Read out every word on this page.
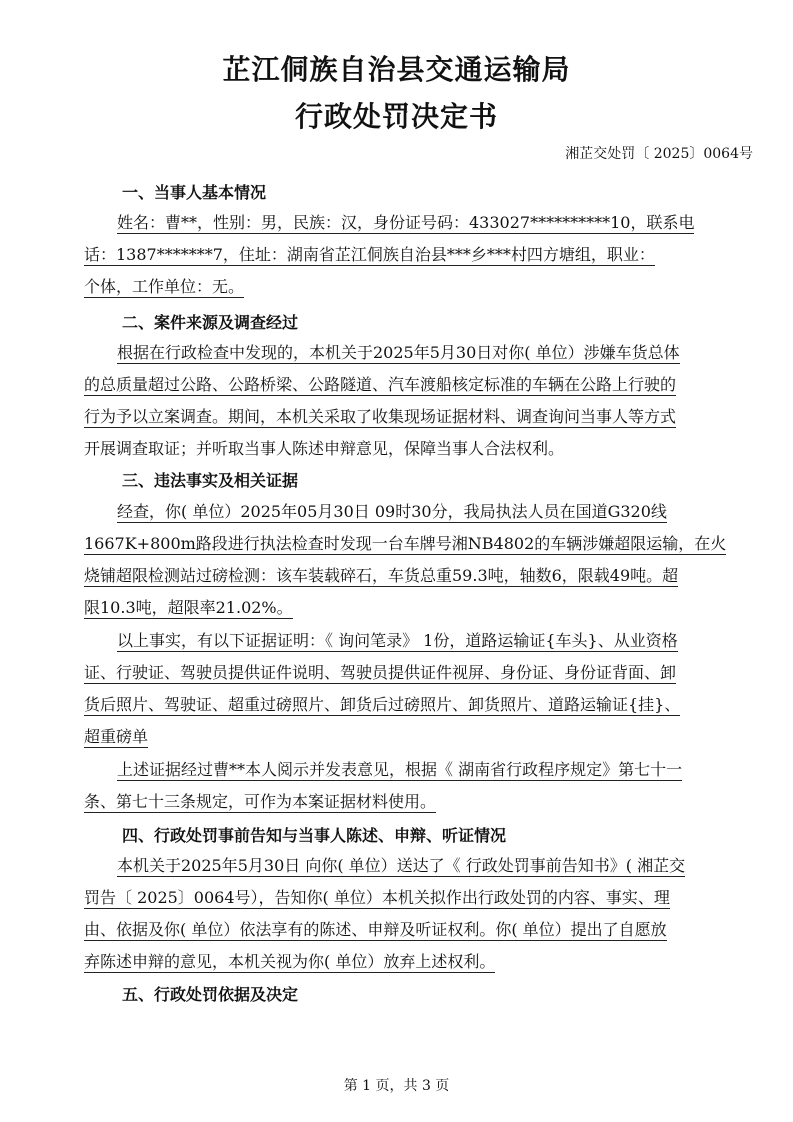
芷江侗族自治县交通运输局
行政处罚决定书
湘芷交处罚〔 2025〕0064号
一、当事人基本情况
姓名：曹**，性别：男，民族：汉，身份证号码：433027**********10，联系电
话：1387*******7，住址：湖南省芷江侗族自治县***乡***村四方塘组，职业：
个体，工作单位：无。
二、案件来源及调查经过
根据在行政检查中发现的，本机关于2025年5月30日对你( 单位）涉嫌车货总体
的总质量超过公路、公路桥梁、公路隧道、汽车渡船核定标准的车辆在公路上行驶的
行为予以立案调查。期间，本机关采取了收集现场证据材料、调查询问当事人等方式
开展调查取证；并听取当事人陈述申辩意见，保障当事人合法权利。
三、违法事实及相关证据
经查，你( 单位）2025年05月30日 09时30分，我局执法人员在国道G320线
1667K+800m路段进行执法检查时发现一台车牌号湘NB4802的车辆涉嫌超限运输，在火
烧铺超限检测站过磅检测：该车装载碎石，车货总重59.3吨，轴数6，限载49吨。超
限10.3吨，超限率21.02%。
以上事实，有以下证据证明：《 询问笔录》 1份，道路运输证{车头}、从业资格
证、行驶证、驾驶员提供证件说明、驾驶员提供证件视屏、身份证、身份证背面、卸
货后照片、驾驶证、超重过磅照片、卸货后过磅照片、卸货照片、道路运输证{挂}、
超重磅单
上述证据经过曹**本人阅示并发表意见，根据《 湖南省行政程序规定》第七十一
条、第七十三条规定，可作为本案证据材料使用。
四、行政处罚事前告知与当事人陈述、申辩、听证情况
本机关于2025年5月30日 向你( 单位）送达了《 行政处罚事前告知书》( 湘芷交
罚告〔 2025〕0064号），告知你( 单位）本机关拟作出行政处罚的内容、事实、理
由、依据及你( 单位）依法享有的陈述、申辩及听证权利。你( 单位）提出了自愿放
弃陈述申辩的意见，本机关视为你( 单位）放弃上述权利。
五、行政处罚依据及决定
第 1 页，共 3 页
